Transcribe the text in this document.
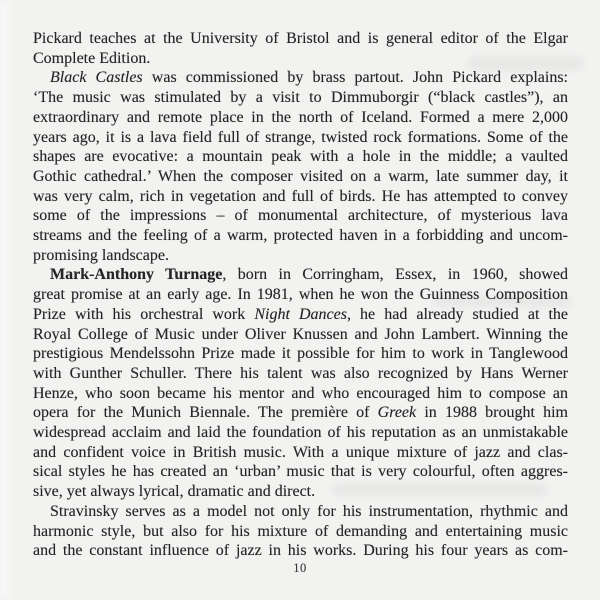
Pickard teaches at the University of Bristol and is general editor of the Elgar
Complete Edition.
Black Castles was commissioned by brass partout. John Pickard explains:
‘The music was stimulated by a visit to Dimmuborgir (“black castles”), an
extraordinary and remote place in the north of Iceland. Formed a mere 2,000
years ago, it is a lava field full of strange, twisted rock formations. Some of the
shapes are evocative: a mountain peak with a hole in the middle; a vaulted
Gothic cathedral.’ When the composer visited on a warm, late summer day, it
was very calm, rich in vegetation and full of birds. He has attempted to convey
some of the impressions – of monumental architecture, of mysterious lava
streams and the feeling of a warm, protected haven in a forbidding and uncom-
promising landscape.
Mark-Anthony Turnage, born in Corringham, Essex, in 1960, showed
great promise at an early age. In 1981, when he won the Guinness Composition
Prize with his orchestral work Night Dances, he had already studied at the
Royal College of Music under Oliver Knussen and John Lambert. Winning the
prestigious Mendelssohn Prize made it possible for him to work in Tanglewood
with Gunther Schuller. There his talent was also recognized by Hans Werner
Henze, who soon became his mentor and who encouraged him to compose an
opera for the Munich Biennale. The première of Greek in 1988 brought him
widespread acclaim and laid the foundation of his reputation as an unmistakable
and confident voice in British music. With a unique mixture of jazz and clas-
sical styles he has created an ‘urban’ music that is very colourful, often aggres-
sive, yet always lyrical, dramatic and direct.
Stravinsky serves as a model not only for his instrumentation, rhythmic and
harmonic style, but also for his mixture of demanding and entertaining music
and the constant influence of jazz in his works. During his four years as com-
10
